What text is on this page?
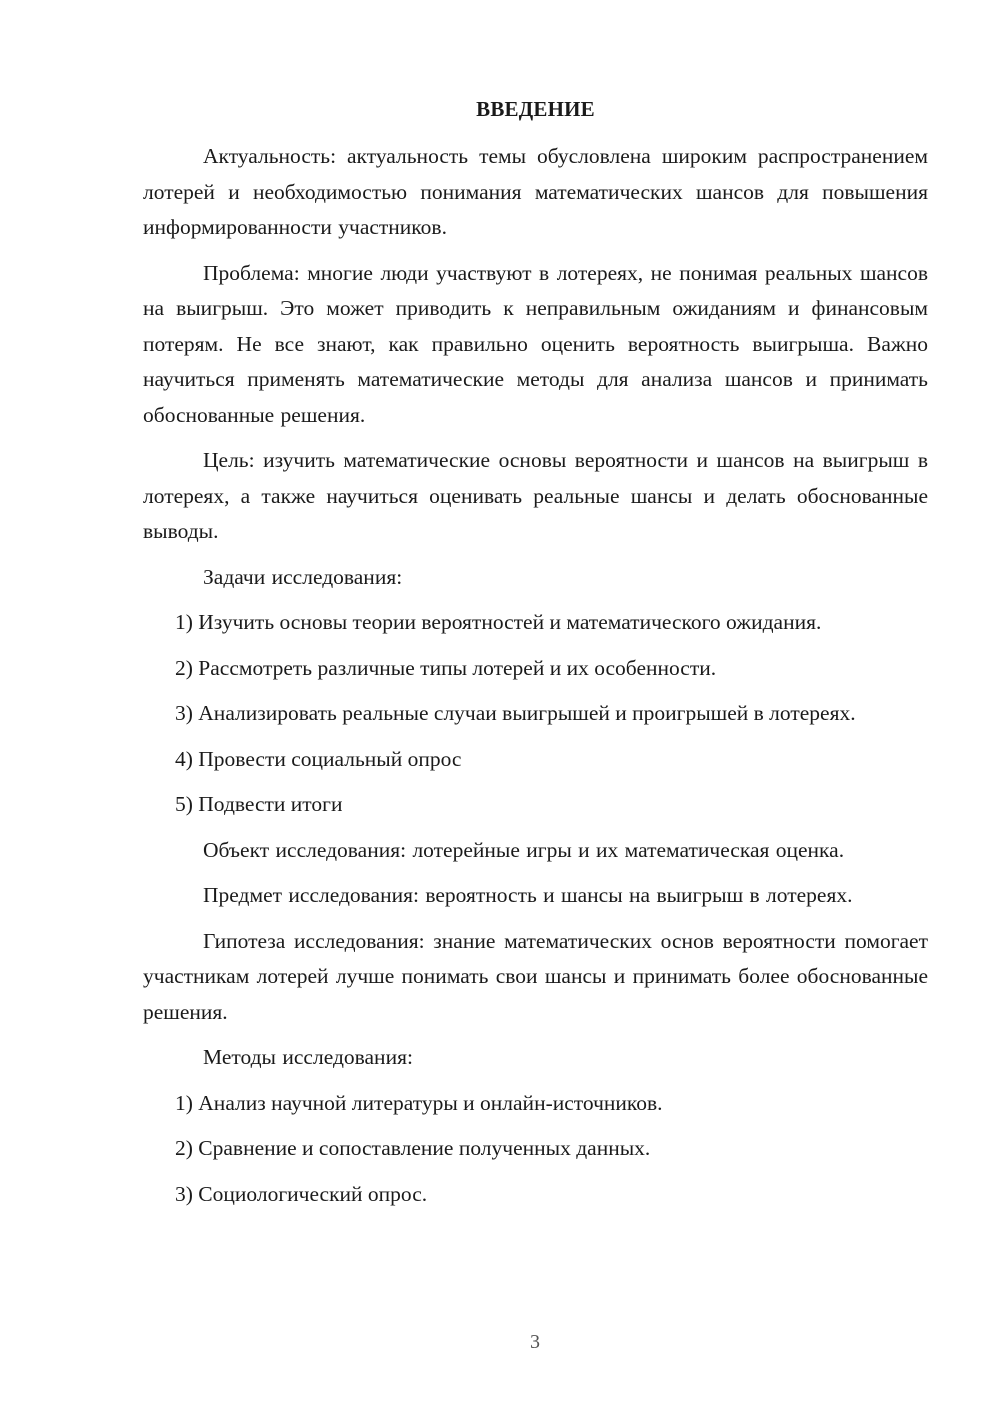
ВВЕДЕНИЕ

Актуальность: актуальность темы обусловлена широким распространением лотерей и необходимостью понимания математических шансов для повышения информированности участников.

Проблема: многие люди участвуют в лотереях, не понимая реальных шансов на выигрыш. Это может приводить к неправильным ожиданиям и финансовым потерям. Не все знают, как правильно оценить вероятность выигрыша. Важно научиться применять математические методы для анализа шансов и принимать обоснованные решения.

Цель: изучить математические основы вероятности и шансов на выигрыш в лотереях, а также научиться оценивать реальные шансы и делать обоснованные выводы.

Задачи исследования:

1) Изучить основы теории вероятностей и математического ожидания.

2) Рассмотреть различные типы лотерей и их особенности.

3) Анализировать реальные случаи выигрышей и проигрышей в лотереях.

4) Провести социальный опрос

5) Подвести итоги

Объект исследования: лотерейные игры и их математическая оценка.

Предмет исследования: вероятность и шансы на выигрыш в лотереях.

Гипотеза исследования: знание математических основ вероятности помогает участникам лотерей лучше понимать свои шансы и принимать более обоснованные решения.

Методы исследования:

1) Анализ научной литературы и онлайн-источников.

2) Сравнение и сопоставление полученных данных.

3) Социологический опрос.

3
